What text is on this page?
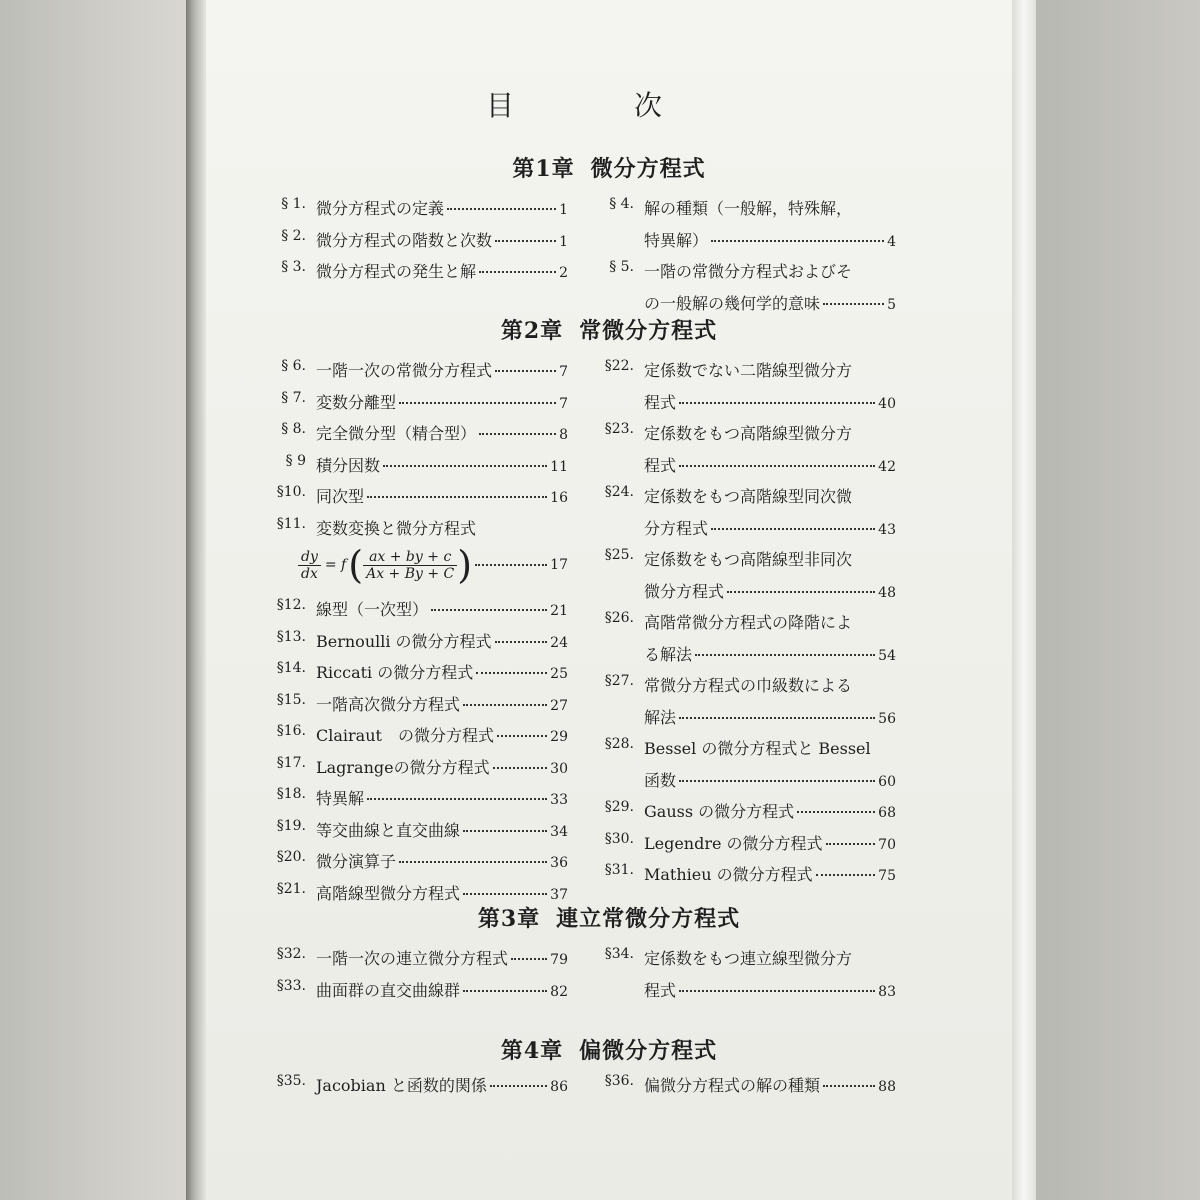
目	次
第1章 微分方程式
§ 1. 微分方程式の定義	1
§ 2. 微分方程式の階数と次数	1
§ 3. 微分方程式の発生と解	2
§ 4. 解の種類（一般解，特殊解，
特異解）	4
§ 5. 一階の常微分方程式およびそ
の一般解の幾何学的意味	5
第2章 常微分方程式
§ 6. 一階一次の常微分方程式	7
§ 7. 変数分離型	7
§ 8. 完全微分型（精合型）	8
§ 9 積分因数	11
§10. 同次型	16
§11. 変数変換と微分方程式
$\frac{dy}{dx} = f$ ( $\frac{ax + by + c}{Ax + By + C}$ )	17
§12. 線型（一次型）	21
§13. Bernoulli の微分方程式	24
§14. Riccati の微分方程式	25
§15. 一階高次微分方程式	27
§16. Clairaut　の微分方程式	29
§17. Lagrangeの微分方程式	30
§18. 特異解	33
§19. 等交曲線と直交曲線	34
§20. 微分演算子	36
§21. 高階線型微分方程式	37
§22. 定係数でない二階線型微分方
程式	40
§23. 定係数をもつ高階線型微分方
程式	42
§24. 定係数をもつ高階線型同次微
分方程式	43
§25. 定係数をもつ高階線型非同次
微分方程式	48
§26. 高階常微分方程式の降階によ
る解法	54
§27. 常微分方程式の巾級数による
解法	56
§28. Bessel の微分方程式と Bessel
函数	60
§29. Gauss の微分方程式	68
§30. Legendre の微分方程式	70
§31. Mathieu の微分方程式	75
第3章 連立常微分方程式
§32. 一階一次の連立微分方程式	79
§33. 曲面群の直交曲線群	82
§34. 定係数をもつ連立線型微分方
程式	83
第4章 偏微分方程式
§35. Jacobian と函数的関係	86	§36. 偏微分方程式の解の種類	88
